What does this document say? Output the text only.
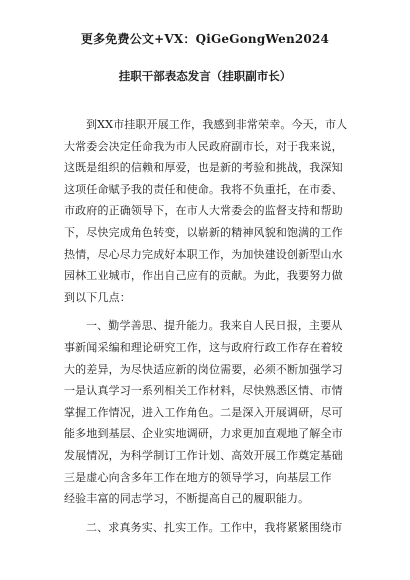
更多免费公文+VX：QiGeGongWen2024
挂职干部表态发言（挂职副市长）
到XX市挂职开展工作，我感到非常荣幸。今天，市人
大常委会决定任命我为市人民政府副市长，对于我来说，
这既是组织的信赖和厚爱，也是新的考验和挑战，我深知
这项任命赋予我的责任和使命。我将不负重托，在市委、
市政府的正确领导下，在市人大常委会的监督支持和帮助
下，尽快完成角色转变，以崭新的精神风貌和饱满的工作
热情，尽心尽力完成好本职工作，为加快建设创新型山水
园林工业城市，作出自己应有的贡献。为此，我要努力做
到以下几点：
一、勤学善思、提升能力。我来自人民日报，主要从
事新闻采编和理论研究工作，这与政府行政工作存在着较
大的差异，为尽快适应新的岗位需要，必须不断加强学习
一是认真学习一系列相关工作材料，尽快熟悉区情、市情
掌握工作情况，进入工作角色。二是深入开展调研，尽可
能多地到基层、企业实地调研，力求更加直观地了解全市
发展情况，为科学制订工作计划、高效开展工作奠定基础
三是虚心向含多年工作在地方的领导学习，向基层工作
经验丰富的同志学习，不断提高自己的履职能力。
二、求真务实、扎实工作。工作中，我将紧紧围绕市
